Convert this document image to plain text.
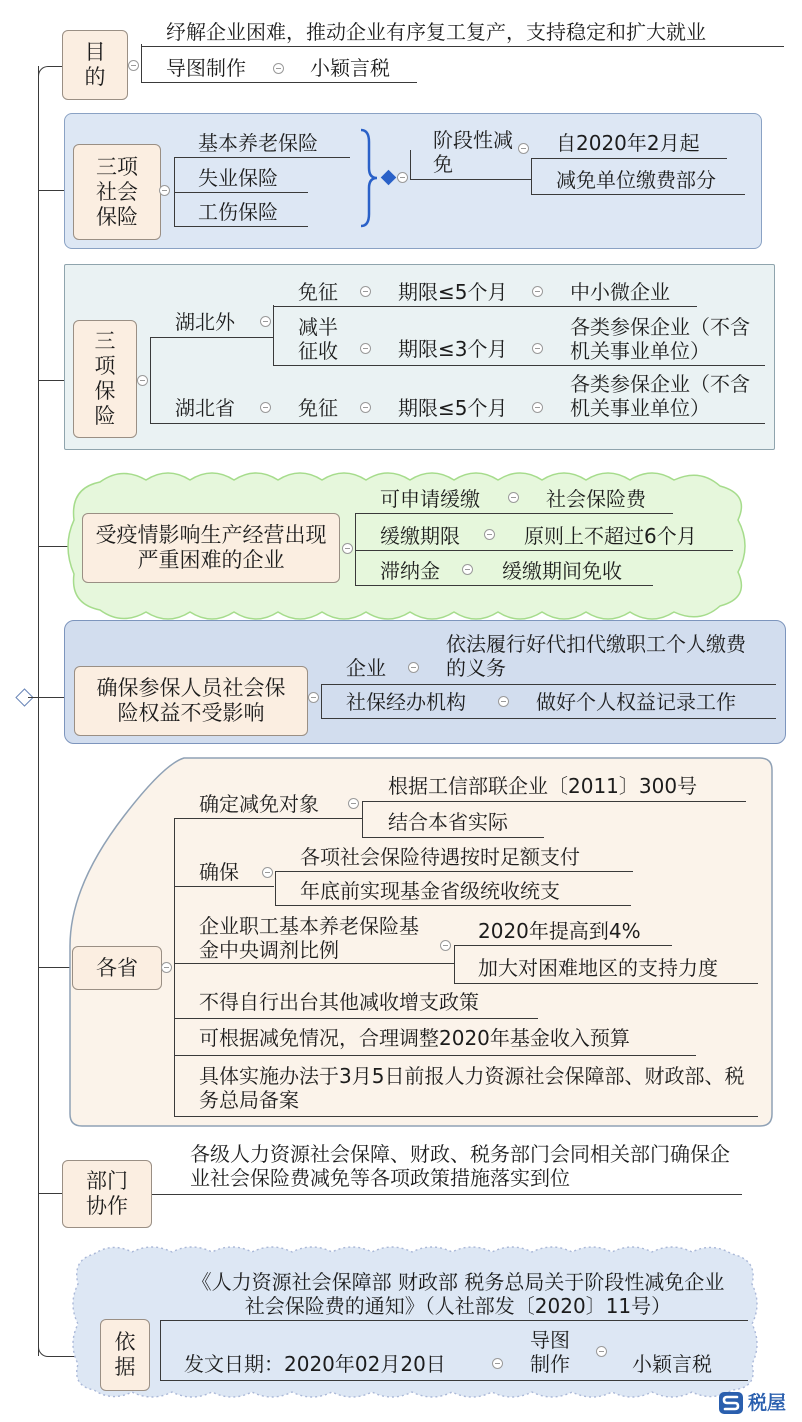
目的
纾解企业困难，推动企业有序复工复产，支持稳定和扩大就业
导图制作	小颖言税
三项社会保险
基本养老保险
失业保险
工伤保险
阶段性减免
自2020年2月起
减免单位缴费部分
三项保险
湖北外
免征	期限≤5个月	中小微企业
减半征收	期限≤3个月
各类参保企业（不含机关事业单位）
湖北省	免征	期限≤5个月
各类参保企业（不含机关事业单位）
受疫情影响生产经营出现严重困难的企业
可申请缓缴	社会保险费
缓缴期限	原则上不超过6个月
滞纳金	缓缴期间免收
确保参保人员社会保险权益不受影响
企业
依法履行好代扣代缴职工个人缴费的义务
社保经办机构	做好个人权益记录工作
各省
确定减免对象
根据工信部联企业〔2011〕300号
结合本省实际
确保
各项社会保险待遇按时足额支付
年底前实现基金省级统收统支
企业职工基本养老保险基金中央调剂比例
2020年提高到4%
加大对困难地区的支持力度
不得自行出台其他减收增支政策
可根据减免情况，合理调整2020年基金收入预算
具体实施办法于3月5日前报人力资源社会保障部、财政部、税务总局备案
部门协作
各级人力资源社会保障、财政、税务部门会同相关部门确保企业社会保险费减免等各项政策措施落实到位
依据
《人力资源社会保障部 财政部 税务总局关于阶段性减免企业社会保险费的通知》（人社部发〔2020〕11号）
发文日期：2020年02月20日
导图制作	小颖言税
税屋
